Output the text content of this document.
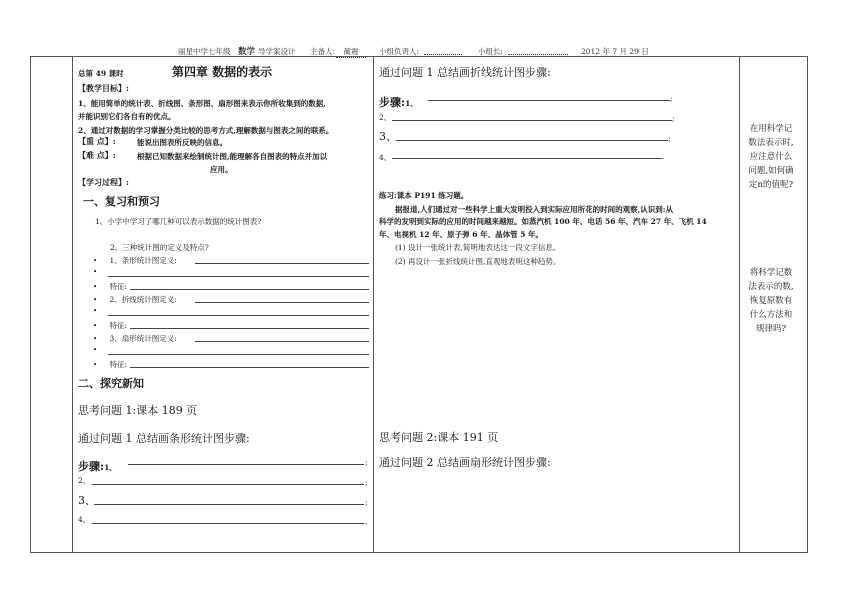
丽星中学七年级 数学 导学案设计 主备人:	蔺震	小组负责人:	小组长:	2012 年 7 月 29 日
总第 49 课时	第四章 数据的表示
【教学目标】:
1、能用简单的统计表、折线图、条形图、扇形图来表示你所收集到的数据,
并能识别它们各自有的优点。
2、通过对数据的学习掌握分类比较的思考方式,理解数据与图表之间的联系。
【重 点】:	能说出图表所反映的信息。
【难 点】:	根据已知数据来绘制统计图,能理解各自图表的特点并加以
应用。
【学习过程】:
一、复习和预习
1、小学中学习了哪几种可以表示数据的统计图表?
2、三种统计图的定义及特点?
• 1、条形统计图定义:
•
• 特征:
• 2、折线统计图定义:
•
• 特征:
• 3、扇形统计图定义:
•
• 特征:
二、探究新知
思考问题 1:课本 189 页
通过问题 1 总结画条形统计图步骤:
步骤:1、
;
2、	;
3、	;
4、	.
通过问题 1 总结画折线统计图步骤:
步骤:1、
;
2、	;
3、	;
4、	.
练习:课本 P191 练习题。
据报道,人们通过对一些科学上重大发明投入到实际应用所花的时间的观察,认识到:从
科学的发明到实际的应用的时间越来越短。如蒸汽机 100 年、电话 56 年、汽车 27 年、飞机 14
年、电视机 12 年、原子弹 6 年、晶体管 5 年。
(1) 设计一张统计表,简明地表达这一段文字信息。
(2) 再设计一张折线统计图,直观地表明这种趋势。
思考问题 2:课本 191 页
通过问题 2 总结画扇形统计图步骤:
在用科学记
数法表示时,
应注意什么
问题,如何确
定n的值呢?
将科学记数
法表示的数,
恢复原数有
什么方法和
规律吗?
